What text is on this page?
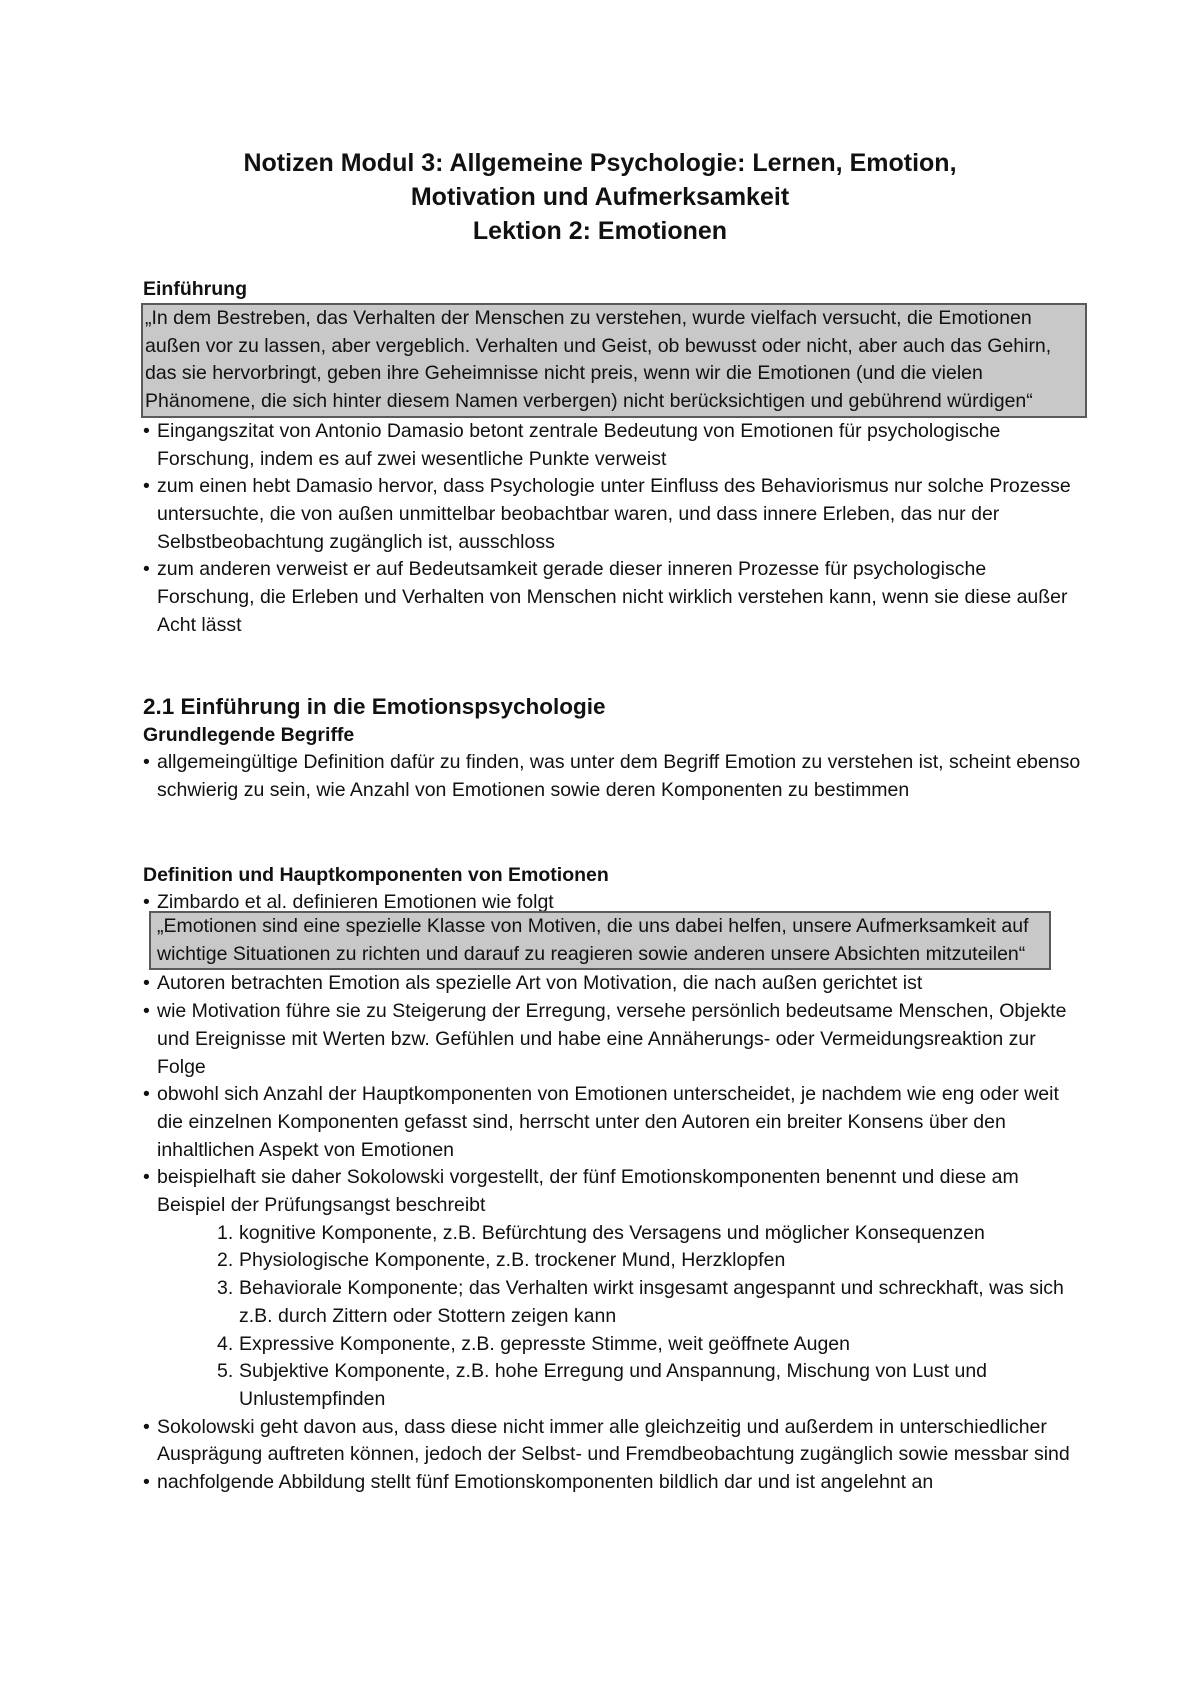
Notizen Modul 3: Allgemeine Psychologie: Lernen, Emotion,
Motivation und Aufmerksamkeit
Lektion 2: Emotionen
Einführung
„In dem Bestreben, das Verhalten der Menschen zu verstehen, wurde vielfach versucht, die Emotionen außen vor zu lassen, aber vergeblich. Verhalten und Geist, ob bewusst oder nicht, aber auch das Gehirn, das sie hervorbringt, geben ihre Geheimnisse nicht preis, wenn wir die Emotionen (und die vielen Phänomene, die sich hinter diesem Namen verbergen) nicht berücksichtigen und gebührend würdigen“
• Eingangszitat von Antonio Damasio betont zentrale Bedeutung von Emotionen für psychologische Forschung, indem es auf zwei wesentliche Punkte verweist
• zum einen hebt Damasio hervor, dass Psychologie unter Einfluss des Behaviorismus nur solche Prozesse untersuchte, die von außen unmittelbar beobachtbar waren, und dass innere Erleben, das nur der Selbstbeobachtung zugänglich ist, ausschloss
• zum anderen verweist er auf Bedeutsamkeit gerade dieser inneren Prozesse für psychologische Forschung, die Erleben und Verhalten von Menschen nicht wirklich verstehen kann, wenn sie diese außer Acht lässt
2.1 Einführung in die Emotionspsychologie
Grundlegende Begriffe
• allgemeingültige Definition dafür zu finden, was unter dem Begriff Emotion zu verstehen ist, scheint ebenso schwierig zu sein, wie Anzahl von Emotionen sowie deren Komponenten zu bestimmen
Definition und Hauptkomponenten von Emotionen
• Zimbardo et al. definieren Emotionen wie folgt
„Emotionen sind eine spezielle Klasse von Motiven, die uns dabei helfen, unsere Aufmerksamkeit auf wichtige Situationen zu richten und darauf zu reagieren sowie anderen unsere Absichten mitzuteilen“
• Autoren betrachten Emotion als spezielle Art von Motivation, die nach außen gerichtet ist
• wie Motivation führe sie zu Steigerung der Erregung, versehe persönlich bedeutsame Menschen, Objekte und Ereignisse mit Werten bzw. Gefühlen und habe eine Annäherungs- oder Vermeidungsreaktion zur Folge
• obwohl sich Anzahl der Hauptkomponenten von Emotionen unterscheidet, je nachdem wie eng oder weit die einzelnen Komponenten gefasst sind, herrscht unter den Autoren ein breiter Konsens über den inhaltlichen Aspekt von Emotionen
• beispielhaft sie daher Sokolowski vorgestellt, der fünf Emotionskomponenten benennt und diese am Beispiel der Prüfungsangst beschreibt
1. kognitive Komponente, z.B. Befürchtung des Versagens und möglicher Konsequenzen
2. Physiologische Komponente, z.B. trockener Mund, Herzklopfen
3. Behaviorale Komponente; das Verhalten wirkt insgesamt angespannt und schreckhaft, was sich z.B. durch Zittern oder Stottern zeigen kann
4. Expressive Komponente, z.B. gepresste Stimme, weit geöffnete Augen
5. Subjektive Komponente, z.B. hohe Erregung und Anspannung, Mischung von Lust und Unlustempfinden
• Sokolowski geht davon aus, dass diese nicht immer alle gleichzeitig und außerdem in unterschiedlicher Ausprägung auftreten können, jedoch der Selbst- und Fremdbeobachtung zugänglich sowie messbar sind
• nachfolgende Abbildung stellt fünf Emotionskomponenten bildlich dar und ist angelehnt an
